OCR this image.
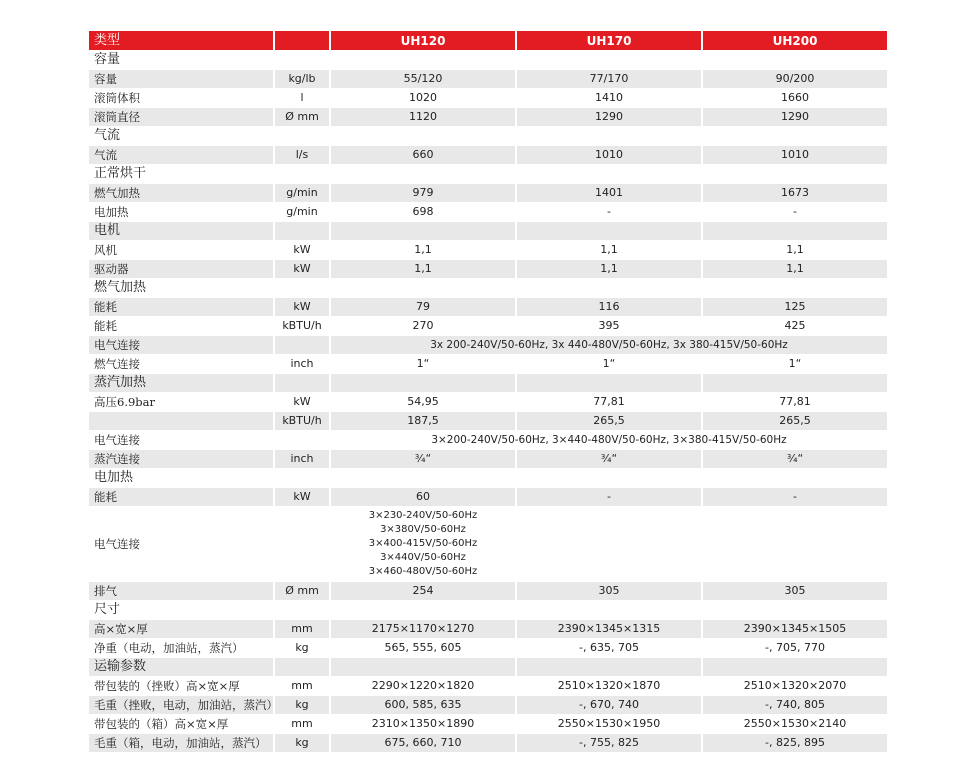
类型		UH120	UH170	UH200
容量				
容量	kg/lb	55/120	77/170	90/200
滚筒体积	l	1020	1410	1660
滚筒直径	Ø mm	1120	1290	1290
气流				
气流	l/s	660	1010	1010
正常烘干				
燃气加热	g/min	979	1401	1673
电加热	g/min	698	-	-
电机				
风机	kW	1,1	1,1	1,1
驱动器	kW	1,1	1,1	1,1
燃气加热				
能耗	kW	79	116	125
能耗	kBTU/h	270	395	425
电气连接		3x 200-240V/50-60Hz, 3x 440-480V/50-60Hz, 3x 380-415V/50-60Hz		
燃气连接	inch	1“	1“	1“
蒸汽加热				
高压6.9bar	kW	54,95	77,81	77,81
	kBTU/h	187,5	265,5	265,5
电气连接		3×200-240V/50-60Hz, 3×440-480V/50-60Hz, 3×380-415V/50-60Hz		
蒸汽连接	inch	¾“	¾“	¾“
电加热				
能耗	kW	60	-	-
电气连接		3×230-240V/50-60Hz
3×380V/50-60Hz
3×400-415V/50-60Hz
3×440V/50-60Hz
3×460-480V/50-60Hz		

排气	Ø mm	254	305	305
尺寸				
高×宽×厚	mm	2175×1170×1270	2390×1345×1315	2390×1345×1505
净重（电动，加油站，蒸汽）	kg	565, 555, 605	-, 635, 705	-, 705, 770
运输参数				
带包装的（挫败）高×宽×厚	mm	2290×1220×1820	2510×1320×1870	2510×1320×2070
毛重（挫败，电动，加油站，蒸汽）	kg	600, 585, 635	-, 670, 740	-, 740, 805
带包装的（箱）高×宽×厚	mm	2310×1350×1890	2550×1530×1950	2550×1530×2140
毛重（箱，电动，加油站，蒸汽）	kg	675, 660, 710	-, 755, 825	-, 825, 895
